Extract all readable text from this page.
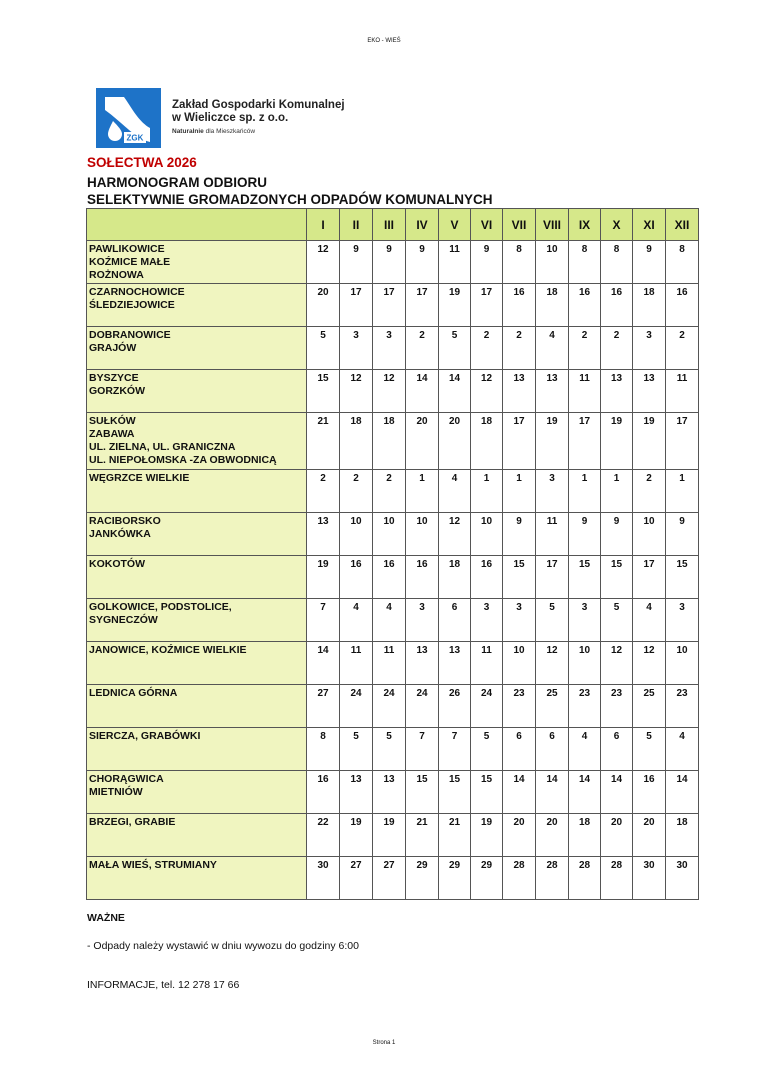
EKO - WIEŚ
ZGK
Zakład Gospodarki Komunalnej
w Wieliczce sp. z o.o.
Naturalnie dla Mieszkańców
SOŁECTWA 2026
HARMONOGRAM ODBIORU
SELEKTYWNIE GROMADZONYCH ODPADÓW KOMUNALNYCH
	I	II	III	IV	V	VI	VII	VIII	IX	X	XI	XII

PAWLIKOWICE
KOŹMICE MAŁE
ROŻNOWA	12	9	9	9	11	9	8	10	8	8	9	8

CZARNOCHOWICE
ŚLEDZIEJOWICE	20	17	17	17	19	17	16	18	16	16	18	16

DOBRANOWICE
GRAJÓW	5	3	3	2	5	2	2	4	2	2	3	2

BYSZYCE
GORZKÓW	15	12	12	14	14	12	13	13	11	13	13	11

SUŁKÓW
ZABAWA
UL. ZIELNA, UL. GRANICZNA
UL. NIEPOŁOMSKA -ZA OBWODNICĄ	21	18	18	20	20	18	17	19	17	19	19	17

WĘGRZCE WIELKIE	2	2	2	1	4	1	1	3	1	1	2	1

RACIBORSKO
JANKÓWKA	13	10	10	10	12	10	9	11	9	9	10	9

KOKOTÓW	19	16	16	16	18	16	15	17	15	15	17	15

GOLKOWICE, PODSTOLICE,
SYGNECZÓW	7	4	4	3	6	3	3	5	3	5	4	3

JANOWICE, KOŹMICE WIELKIE	14	11	11	13	13	11	10	12	10	12	12	10

LEDNICA GÓRNA	27	24	24	24	26	24	23	25	23	23	25	23

SIERCZA, GRABÓWKI	8	5	5	7	7	5	6	6	4	6	5	4

CHORĄGWICA
MIETNIÓW	16	13	13	15	15	15	14	14	14	14	16	14

BRZEGI, GRABIE	22	19	19	21	21	19	20	20	18	20	20	18

MAŁA WIEŚ, STRUMIANY	30	27	27	29	29	29	28	28	28	28	30	30
WAŻNE
- Odpady należy wystawić w dniu wywozu do godziny 6:00
INFORMACJE, tel. 12 278 17 66
Strona 1
